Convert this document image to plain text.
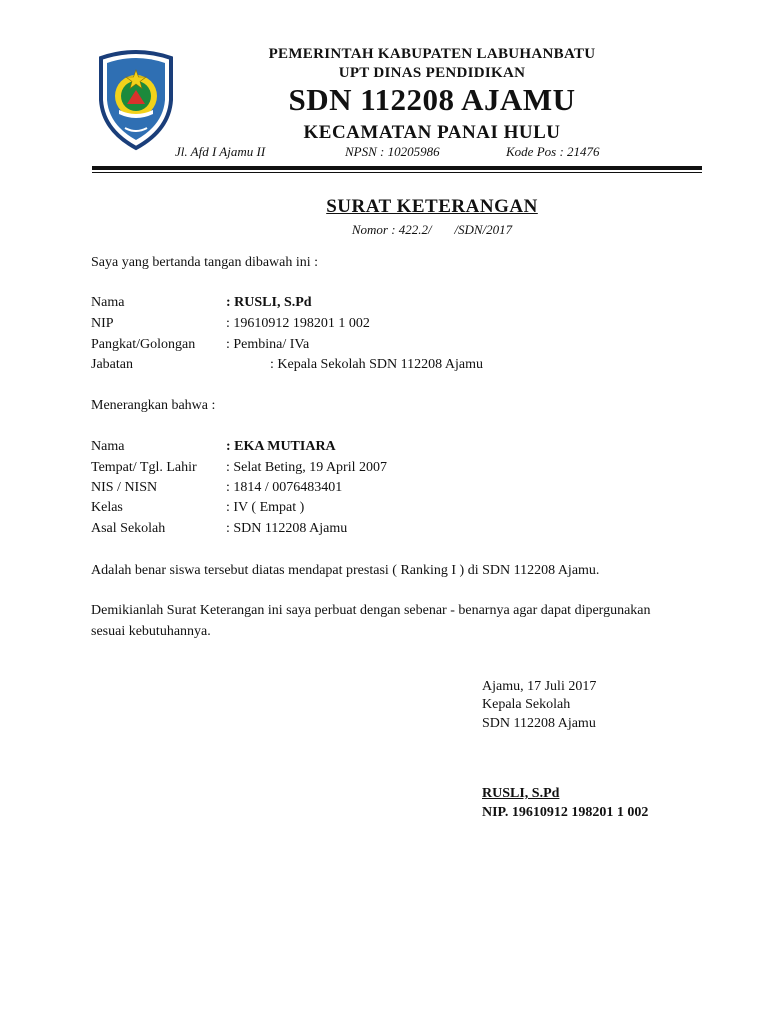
PEMERINTAH KABUPATEN LABUHANBATU
UPT DINAS PENDIDIKAN
SDN 112208 AJAMU
KECAMATAN PANAI HULU
Jl. Afd I Ajamu II	NPSN : 10205986	Kode Pos : 21476
SURAT KETERANGAN
Nomor : 422.2/       /SDN/2017
Saya yang bertanda tangan dibawah ini :
Nama	: RUSLI, S.Pd
NIP	: 19610912 198201 1 002
Pangkat/Golongan : Pembina/ IVa
Jabatan	: Kepala Sekolah SDN 112208 Ajamu
Menerangkan bahwa :
Nama	: EKA MUTIARA
Tempat/ Tgl. Lahir : Selat Beting, 19 April 2007
NIS / NISN	: 1814 / 0076483401
Kelas	: IV ( Empat )
Asal Sekolah	: SDN 112208 Ajamu
Adalah benar siswa tersebut diatas mendapat prestasi ( Ranking I ) di SDN 112208 Ajamu.
Demikianlah Surat Keterangan ini saya perbuat dengan sebenar - benarnya agar dapat dipergunakan
sesuai kebutuhannya.
Ajamu, 17 Juli 2017
Kepala Sekolah
SDN 112208 Ajamu
RUSLI, S.Pd
NIP. 19610912 198201 1 002
